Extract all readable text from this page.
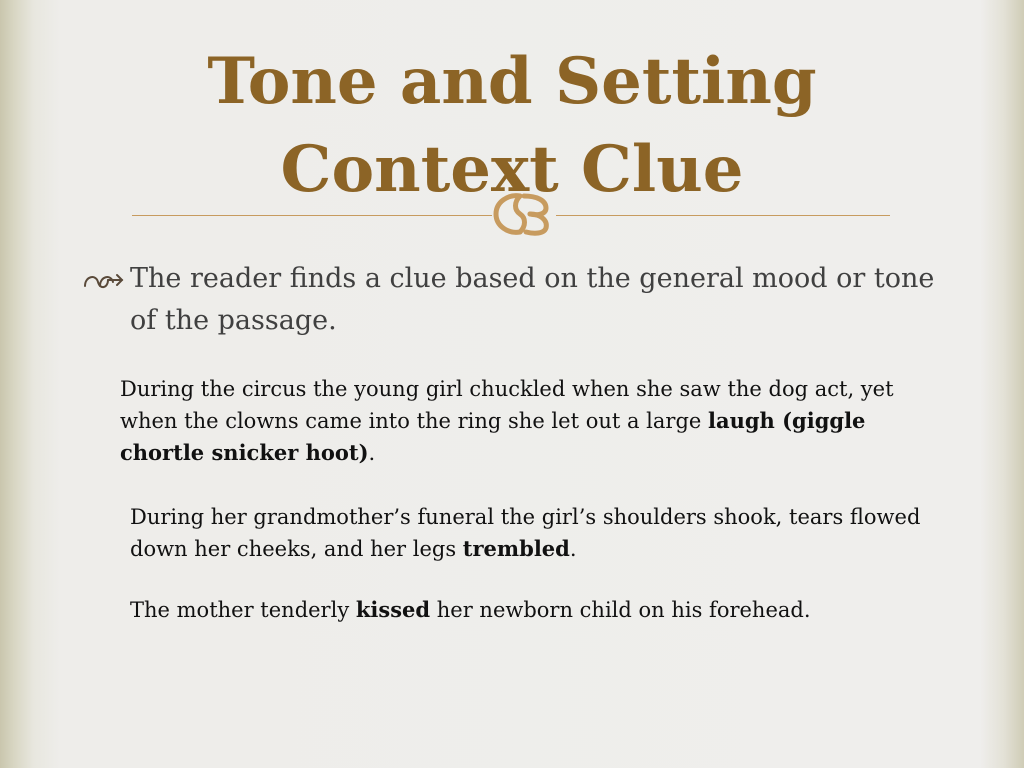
Tone and Setting
Context Clue

The reader finds a clue based on the general mood or tone of the passage.

During the circus the young girl chuckled when she saw the dog act, yet when the clowns came into the ring she let out a large laugh (giggle chortle snicker hoot).

During her grandmother’s funeral the girl’s shoulders shook, tears flowed down her cheeks, and her legs trembled.

The mother tenderly kissed her newborn child on his forehead.
